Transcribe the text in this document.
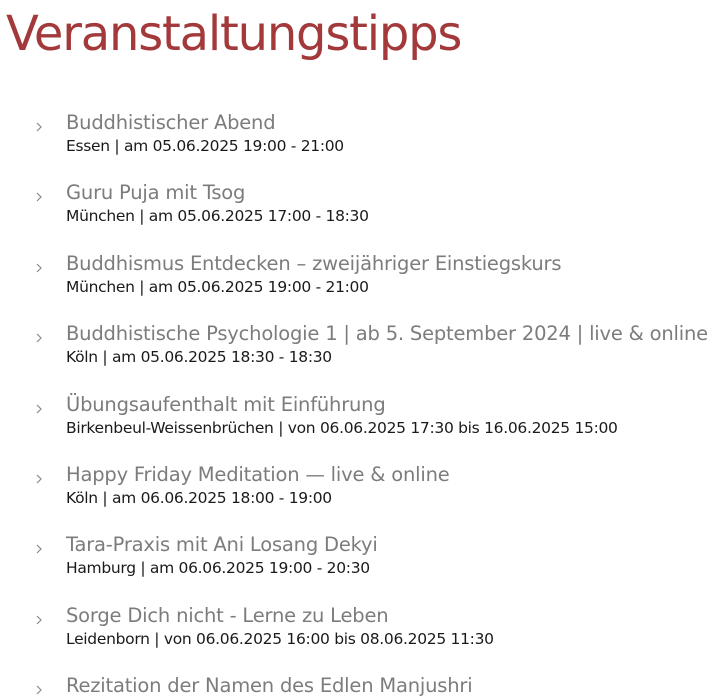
Veranstaltungstipps
Buddhistischer Abend
Essen | am 05.06.2025 19:00 - 21:00
Guru Puja mit Tsog
München | am 05.06.2025 17:00 - 18:30
Buddhismus Entdecken – zweijähriger Einstiegskurs
München | am 05.06.2025 19:00 - 21:00
Buddhistische Psychologie 1 | ab 5. September 2024 | live & online
Köln | am 05.06.2025 18:30 - 18:30
Übungsaufenthalt mit Einführung
Birkenbeul-Weissenbrüchen | von 06.06.2025 17:30 bis 16.06.2025 15:00
Happy Friday Meditation — live & online
Köln | am 06.06.2025 18:00 - 19:00
Tara-Praxis mit Ani Losang Dekyi
Hamburg | am 06.06.2025 19:00 - 20:30
Sorge Dich nicht - Lerne zu Leben
Leidenborn | von 06.06.2025 16:00 bis 08.06.2025 11:30
Rezitation der Namen des Edlen Manjushri
